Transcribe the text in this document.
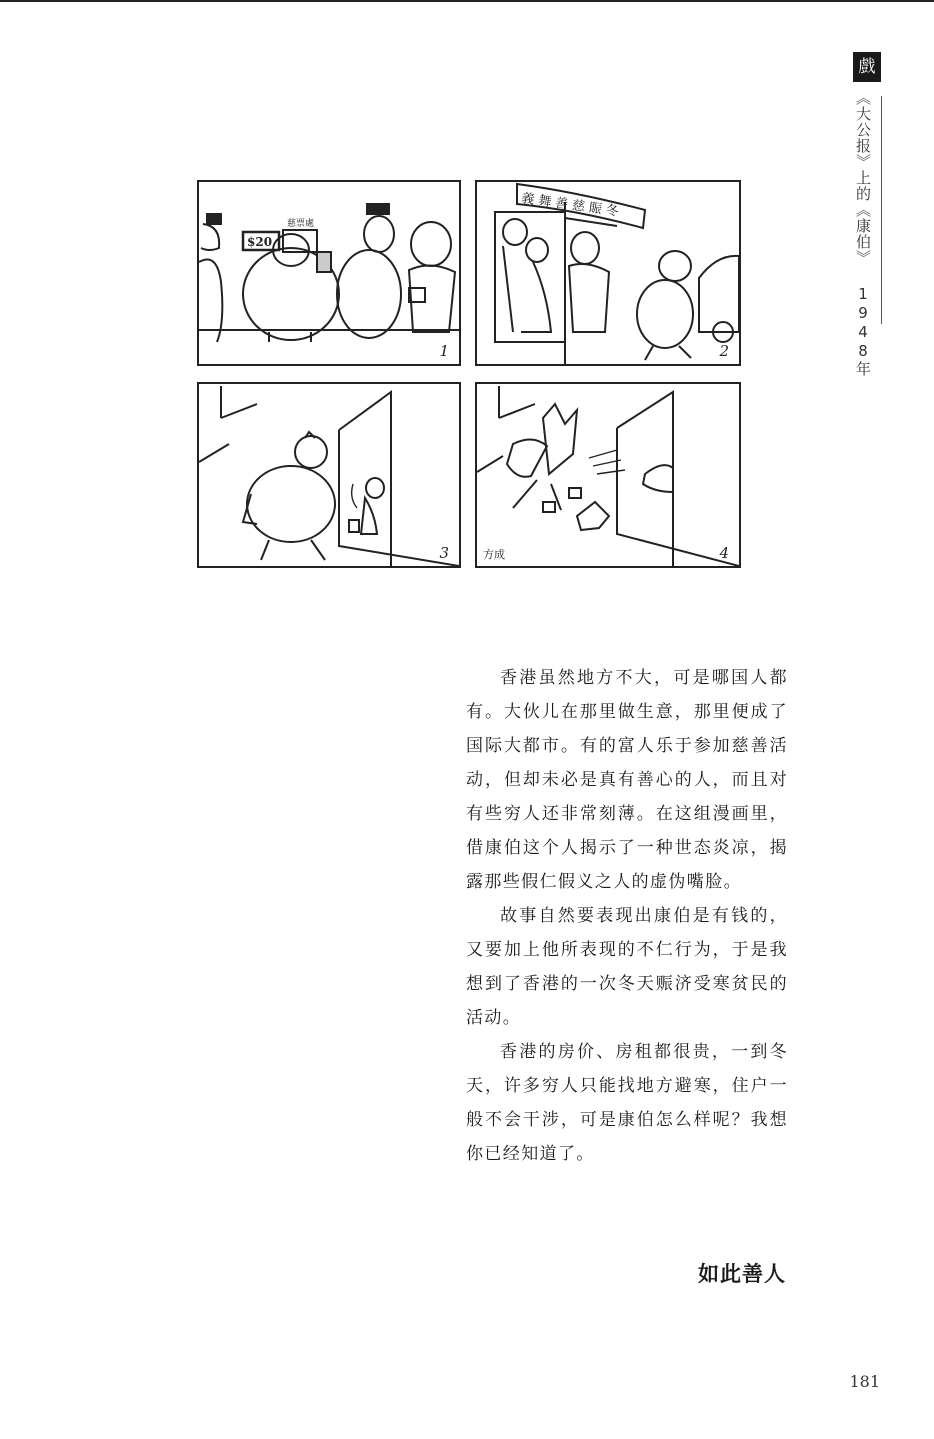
戲
《大公报》上的《康伯》 1948年
$20
慈票處
1
義舞善慈賑冬
2
3	方成	4

香港虽然地方不大，可是哪国人都有。大伙儿在那里做生意，那里便成了国际大都市。有的富人乐于参加慈善活动，但却未必是真有善心的人，而且对有些穷人还非常刻薄。在这组漫画里，借康伯这个人揭示了一种世态炎凉，揭露那些假仁假义之人的虚伪嘴脸。

故事自然要表现出康伯是有钱的，又要加上他所表现的不仁行为，于是我想到了香港的一次冬天赈济受寒贫民的活动。

香港的房价、房租都很贵，一到冬天，许多穷人只能找地方避寒，住户一般不会干涉，可是康伯怎么样呢？我想你已经知道了。

如此善人
181
